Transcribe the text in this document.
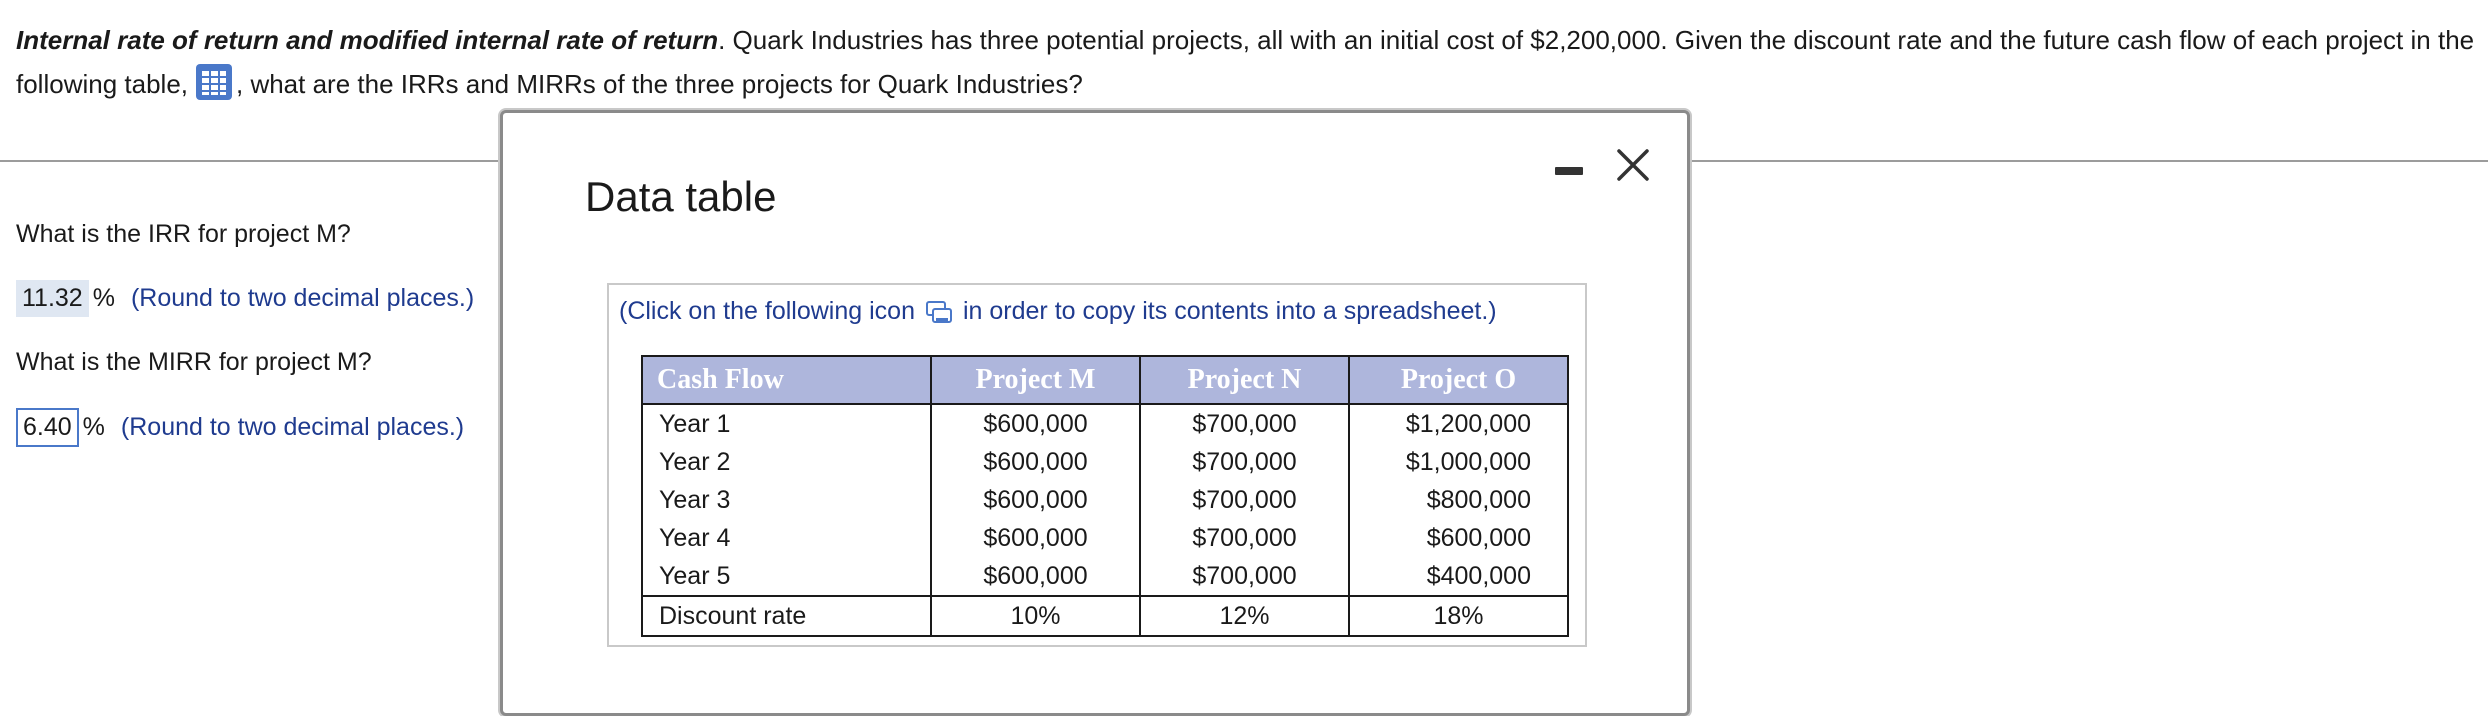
Internal rate of return and modified internal rate of return. Quark Industries has three potential projects, all with an initial cost of $2,200,000. Given the discount rate and the future cash flow of each project in the following table, , what are the IRRs and MIRRs of the three projects for Quark Industries?
What is the IRR for project M?
11.32 % (Round to two decimal places.)
What is the MIRR for project M?
6.40 % (Round to two decimal places.)
Data table
(Click on the following icon in order to copy its contents into a spreadsheet.)
Cash Flow	Project M	Project N	Project O
Year 1	$600,000	$700,000	$1,200,000
Year 2	$600,000	$700,000	$1,000,000
Year 3	$600,000	$700,000	$800,000
Year 4	$600,000	$700,000	$600,000
Year 5	$600,000	$700,000	$400,000
Discount rate	10%	12%	18%
